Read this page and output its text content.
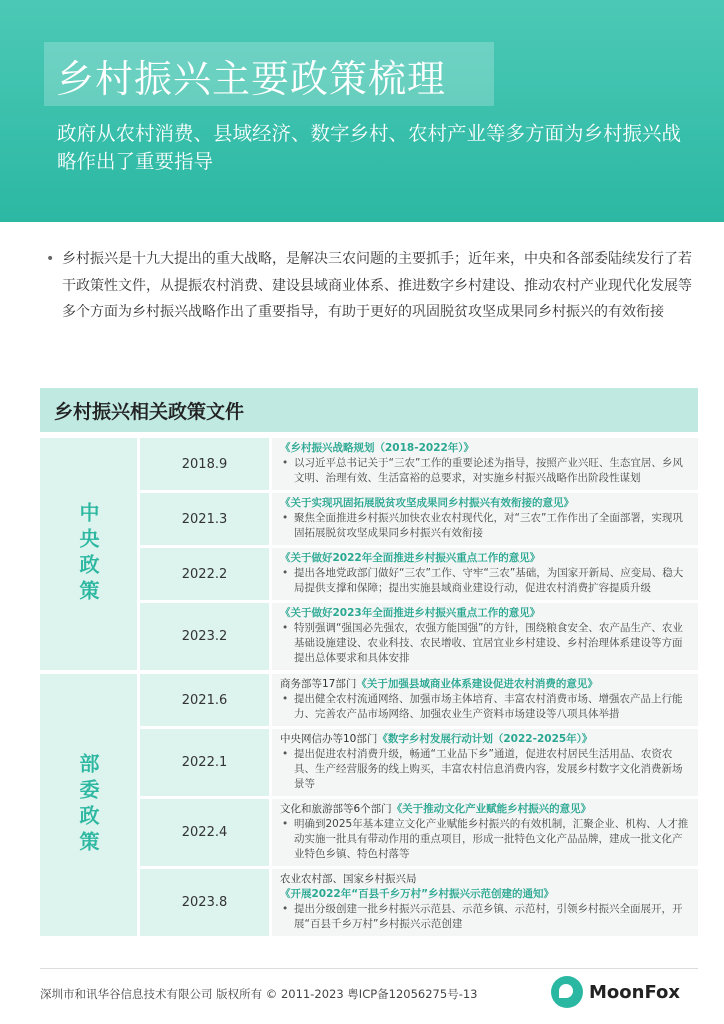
乡村振兴主要政策梳理

政府从农村消费、县域经济、数字乡村、农村产业等多方面为乡村振兴战略作出了重要指导

• 乡村振兴是十九大提出的重大战略，是解决三农问题的主要抓手；近年来，中央和各部委陆续发行了若干政策性文件，从提振农村消费、建设县域商业体系、推进数字乡村建设、推动农村产业现代化发展等多个方面为乡村振兴战略作出了重要指导，有助于更好的巩固脱贫攻坚成果同乡村振兴的有效衔接
乡村振兴相关政策文件
中央政策
2018.9
《乡村振兴战略规划（2018-2022年）》
• 以习近平总书记关于“三农”工作的重要论述为指导，按照产业兴旺、生态宜居、乡风文明、治理有效、生活富裕的总要求，对实施乡村振兴战略作出阶段性谋划
2021.3
《关于实现巩固拓展脱贫攻坚成果同乡村振兴有效衔接的意见》
• 聚焦全面推进乡村振兴加快农业农村现代化，对“三农”工作作出了全面部署，实现巩固拓展脱贫攻坚成果同乡村振兴有效衔接
2022.2
《关于做好2022年全面推进乡村振兴重点工作的意见》
• 提出各地党政部门做好“三农”工作、守牢“三农”基础，为国家开新局、应变局、稳大局提供支撑和保障；提出实施县域商业建设行动，促进农村消费扩容提质升级
2023.2
《关于做好2023年全面推进乡村振兴重点工作的意见》
• 特别强调“强国必先强农，农强方能国强”的方针，围绕粮食安全、农产品生产、农业基础设施建设、农业科技、农民增收、宜居宜业乡村建设、乡村治理体系建设等方面提出总体要求和具体安排
部委政策
2021.6
商务部等17部门《关于加强县域商业体系建设促进农村消费的意见》
• 提出健全农村流通网络、加强市场主体培育、丰富农村消费市场、增强农产品上行能力、完善农产品市场网络、加强农业生产资料市场建设等八项具体举措
2022.1
中央网信办等10部门《数字乡村发展行动计划（2022-2025年）》
• 提出促进农村消费升级，畅通“工业品下乡”通道，促进农村居民生活用品、农资农具、生产经营服务的线上购买，丰富农村信息消费内容，发展乡村数字文化消费新场景等
2022.4
文化和旅游部等6个部门《关于推动文化产业赋能乡村振兴的意见》
• 明确到2025年基本建立文化产业赋能乡村振兴的有效机制，汇聚企业、机构、人才推动实施一批具有带动作用的重点项目，形成一批特色文化产品品牌，建成一批文化产业特色乡镇、特色村落等
2023.8
农业农村部、国家乡村振兴局《开展2022年“百县千乡万村”乡村振兴示范创建的通知》
• 提出分级创建一批乡村振兴示范县、示范乡镇、示范村，引领乡村振兴全面展开，开展“百县千乡万村”乡村振兴示范创建
深圳市和讯华谷信息技术有限公司 版权所有 © 2011-2023 粤ICP备12056275号-13	MoonFox
